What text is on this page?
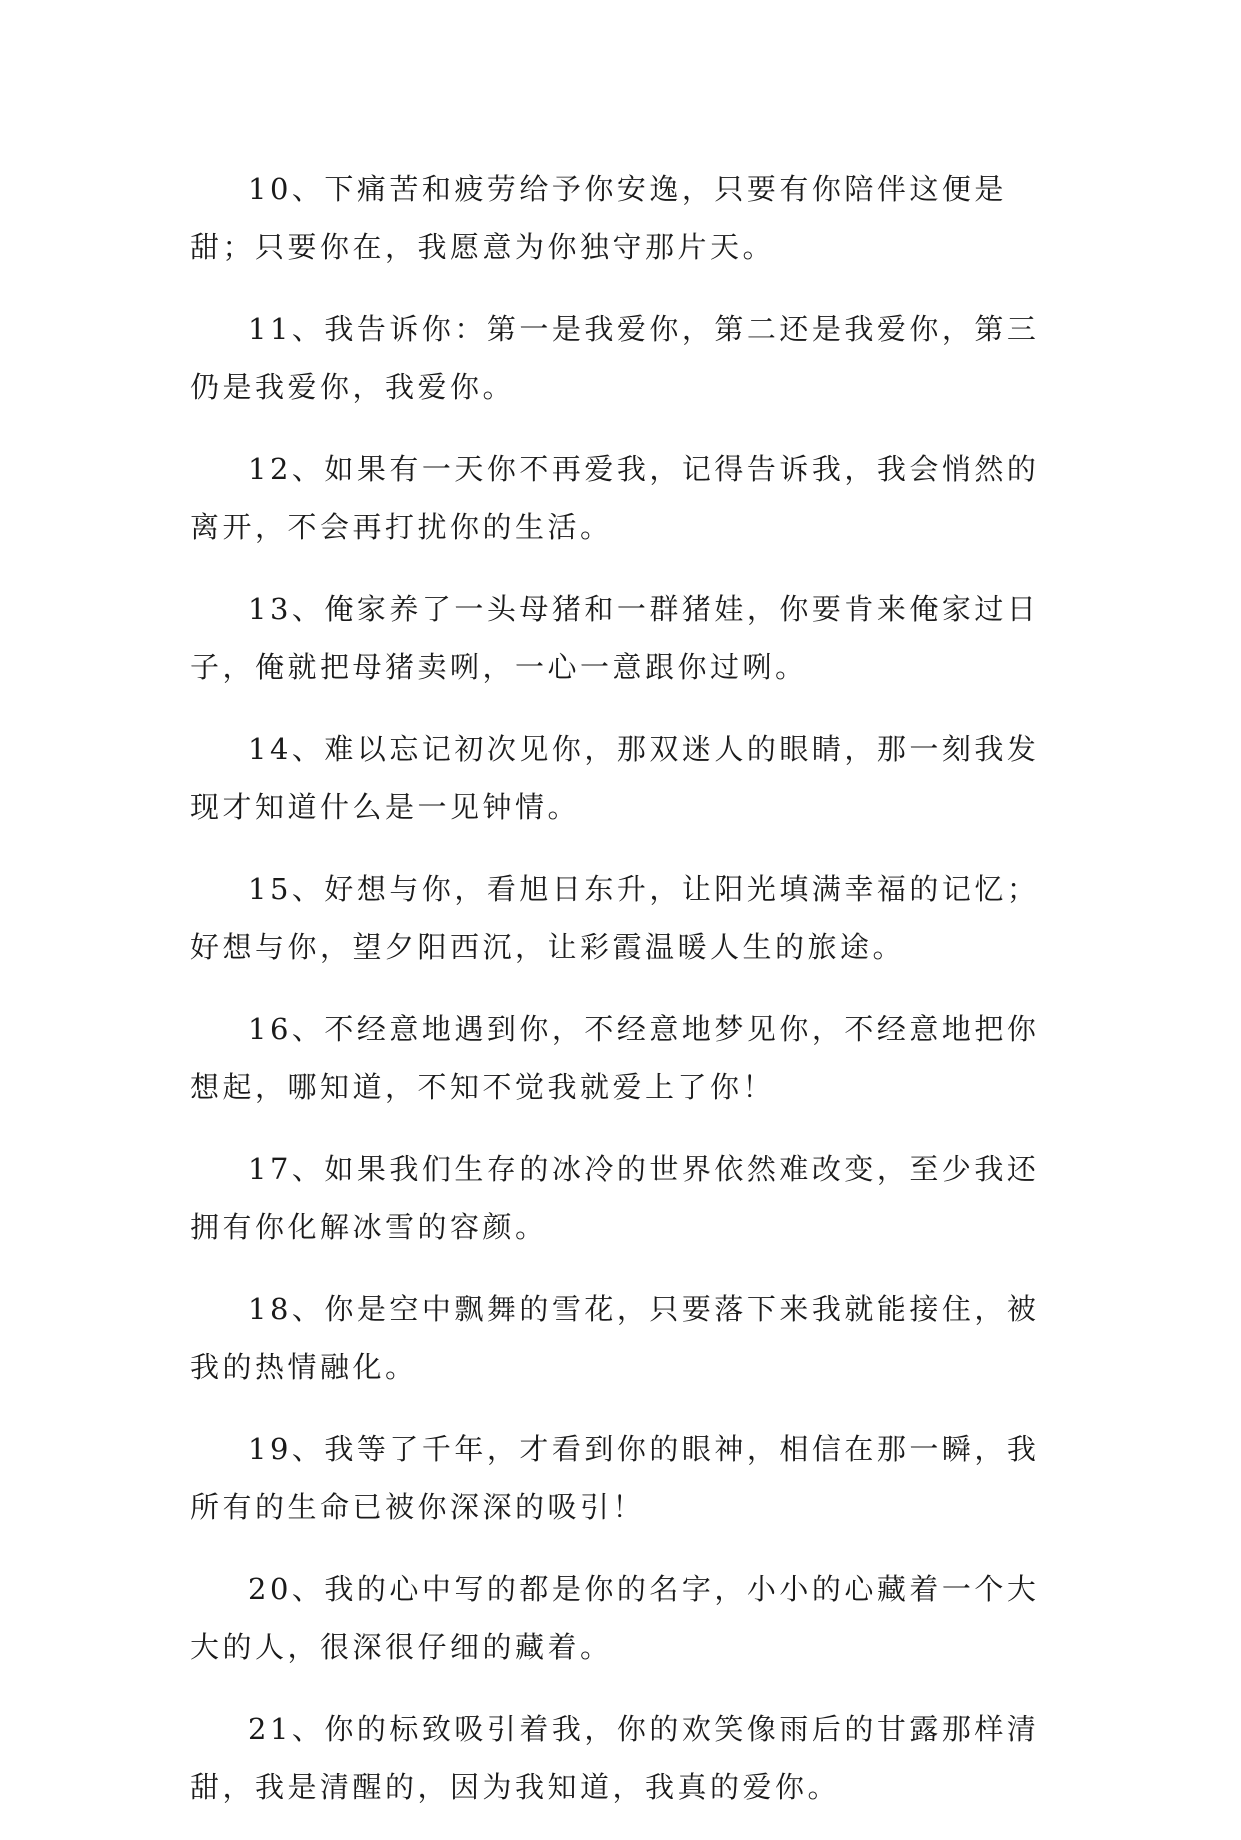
10、下痛苦和疲劳给予你安逸，只要有你陪伴这便是甜；只要你在，我愿意为你独守那片天。

11、我告诉你：第一是我爱你，第二还是我爱你，第三仍是我爱你，我爱你。

12、如果有一天你不再爱我，记得告诉我，我会悄然的离开，不会再打扰你的生活。

13、俺家养了一头母猪和一群猪娃，你要肯来俺家过日子，俺就把母猪卖咧，一心一意跟你过咧。

14、难以忘记初次见你，那双迷人的眼睛，那一刻我发现才知道什么是一见钟情。

15、好想与你，看旭日东升，让阳光填满幸福的记忆；好想与你，望夕阳西沉，让彩霞温暖人生的旅途。

16、不经意地遇到你，不经意地梦见你，不经意地把你想起，哪知道，不知不觉我就爱上了你！

17、如果我们生存的冰冷的世界依然难改变，至少我还拥有你化解冰雪的容颜。

18、你是空中飘舞的雪花，只要落下来我就能接住，被我的热情融化。

19、我等了千年，才看到你的眼神，相信在那一瞬，我所有的生命已被你深深的吸引！

20、我的心中写的都是你的名字，小小的心藏着一个大大的人，很深很仔细的藏着。

21、你的标致吸引着我，你的欢笑像雨后的甘露那样清甜，我是清醒的，因为我知道，我真的爱你。
